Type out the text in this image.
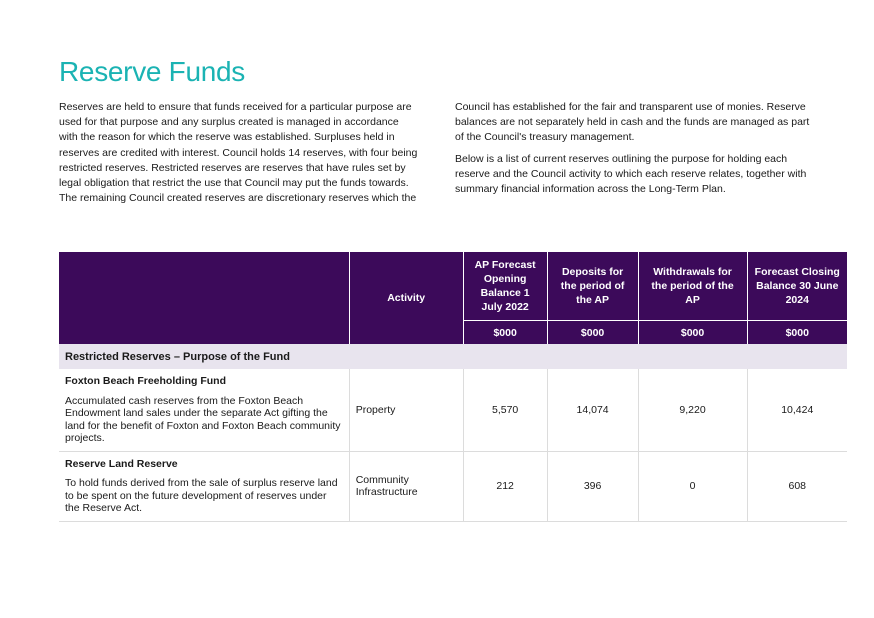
Reserve Funds

Reserves are held to ensure that funds received for a particular purpose are used for that purpose and any surplus created is managed in accordance with the reason for which the reserve was established. Surpluses held in reserves are credited with interest. Council holds 14 reserves, with four being restricted reserves. Restricted reserves are reserves that have rules set by legal obligation that restrict the use that Council may put the funds towards. The remaining Council created reserves are discretionary reserves which the

Council has established for the fair and transparent use of monies. Reserve balances are not separately held in cash and the funds are managed as part of the Council's treasury management.

Below is a list of current reserves outlining the purpose for holding each reserve and the Council activity to which each reserve relates, together with summary financial information across the Long-Term Plan.

	Activity	AP Forecast Opening Balance 1 July 2022	Deposits for the period of the AP	Withdrawals for the period of the AP	Forecast Closing Balance 30 June 2024
		$000	$000	$000	$000
Restricted Reserves – Purpose of the Fund					

Foxton Beach Freeholding Fund
Accumulated cash reserves from the Foxton Beach Endowment land sales under the separate Act gifting the land for the benefit of Foxton and Foxton Beach community projects.	Property	5,570	14,074	9,220	10,424

Reserve Land Reserve
To hold funds derived from the sale of surplus reserve land to be spent on the future development of reserves under the Reserve Act.	Community Infrastructure	212	396	0	608
